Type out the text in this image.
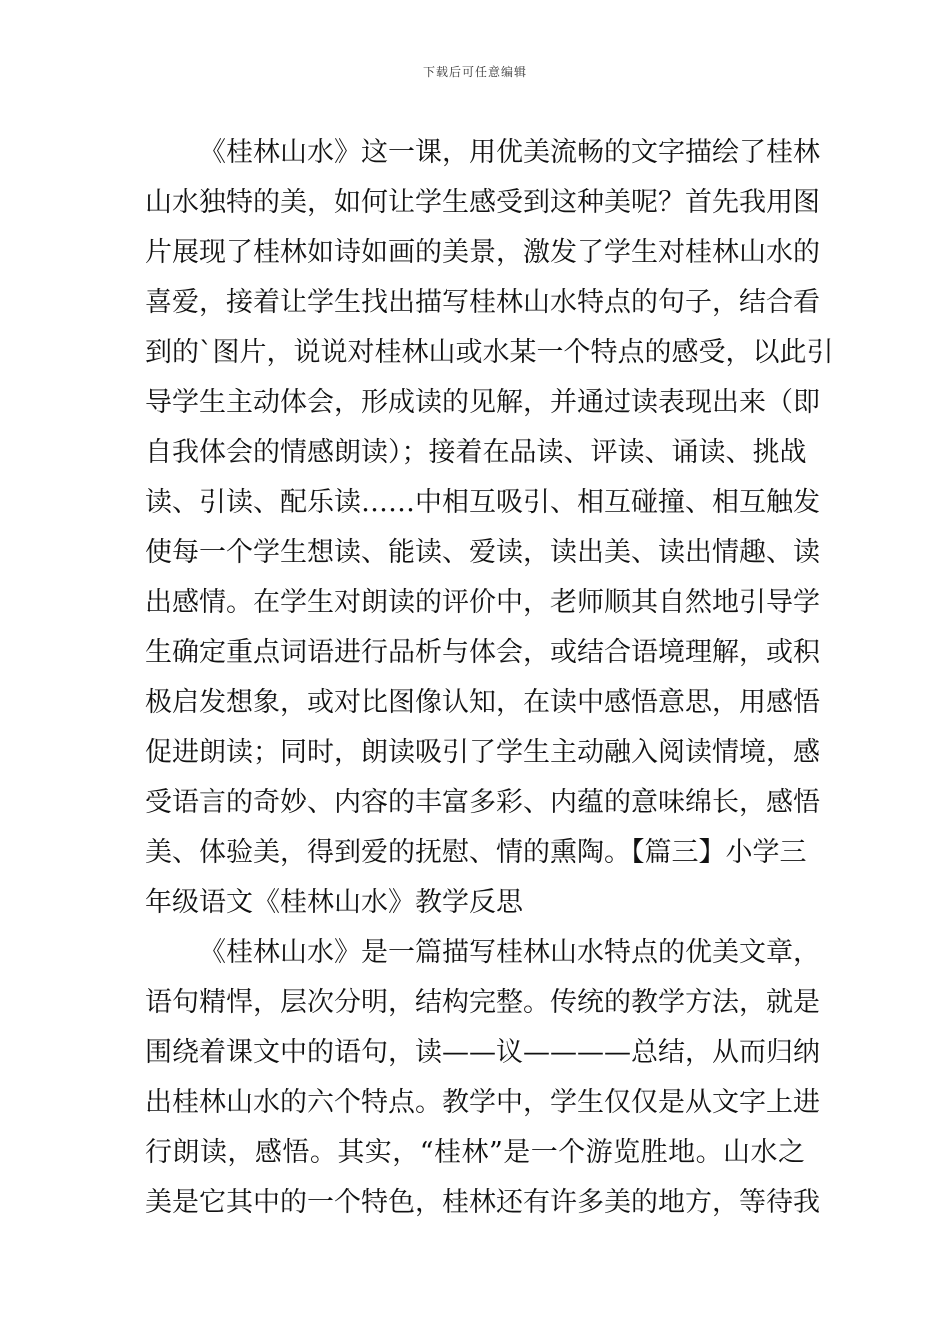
下载后可任意编辑
《桂林山水》这一课，用优美流畅的文字描绘了桂林
山水独特的美，如何让学生感受到这种美呢？首先我用图
片展现了桂林如诗如画的美景，激发了学生对桂林山水的
喜爱，接着让学生找出描写桂林山水特点的句子，结合看
到的`图片，说说对桂林山或水某一个特点的感受，以此引
导学生主动体会，形成读的见解，并通过读表现出来（即
自我体会的情感朗读）；接着在品读、评读、诵读、挑战
读、引读、配乐读……中相互吸引、相互碰撞、相互触发
使每一个学生想读、能读、爱读，读出美、读出情趣、读
出感情。在学生对朗读的评价中，老师顺其自然地引导学
生确定重点词语进行品析与体会，或结合语境理解，或积
极启发想象，或对比图像认知，在读中感悟意思，用感悟
促进朗读；同时，朗读吸引了学生主动融入阅读情境，感
受语言的奇妙、内容的丰富多彩、内蕴的意味绵长，感悟
美、体验美，得到爱的抚慰、情的熏陶。【篇三】小学三
年级语文《桂林山水》教学反思
《桂林山水》是一篇描写桂林山水特点的优美文章，
语句精悍，层次分明，结构完整。传统的教学方法，就是
围绕着课文中的语句，读——议————总结，从而归纳
出桂林山水的六个特点。教学中，学生仅仅是从文字上进
行朗读，感悟。其实，“桂林”是一个游览胜地。山水之
美是它其中的一个特色，桂林还有许多美的地方，等待我
